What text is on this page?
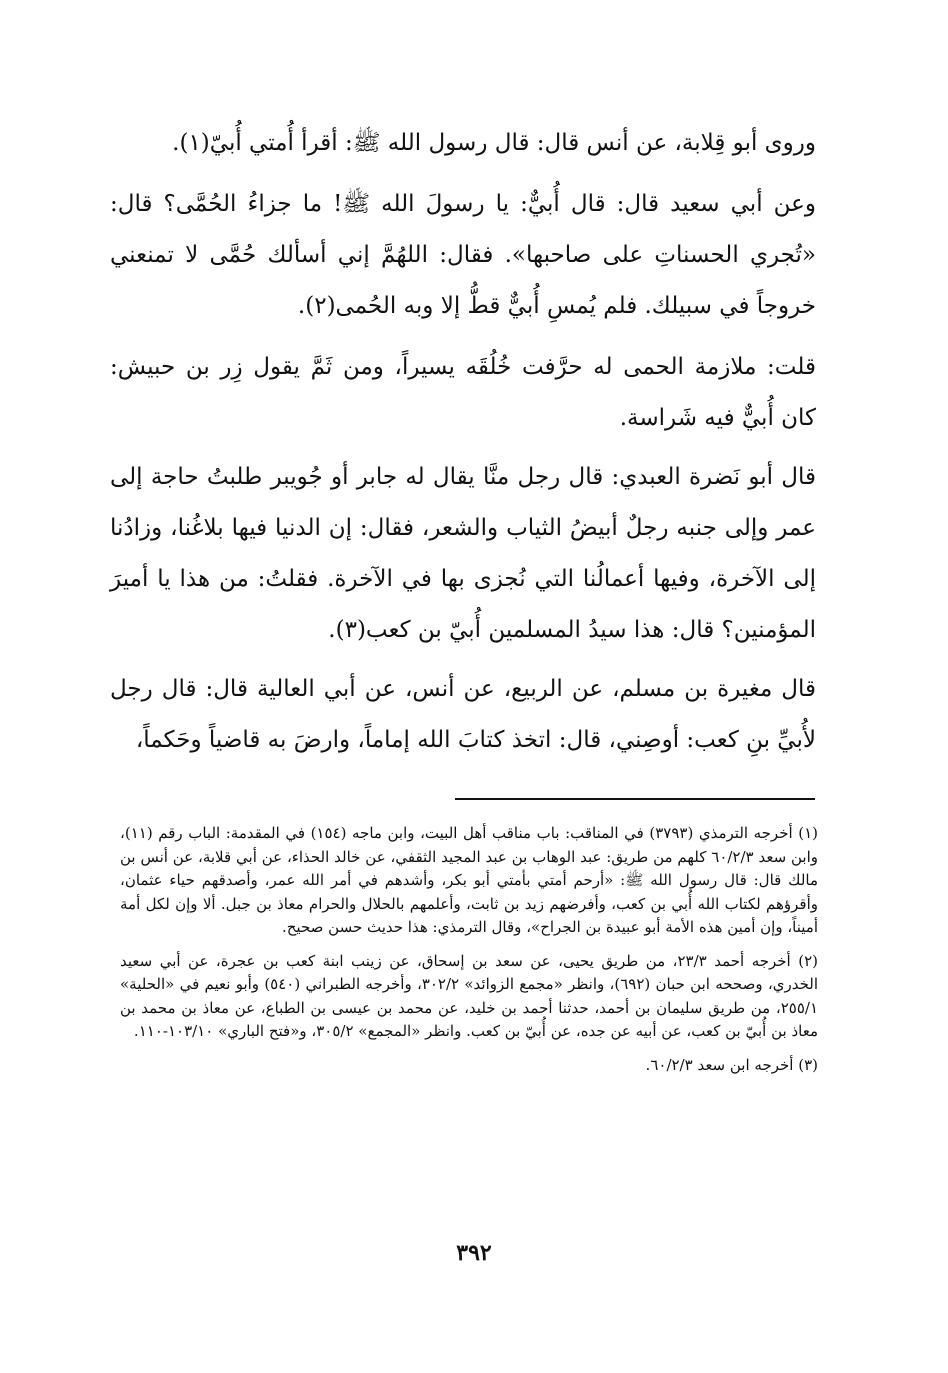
وروى أبو قِلابة، عن أنس قال: قال رسول الله ﷺ: أقرأ أُمتي أُبيّ(١).

وعن أبي سعيد قال: قال أُبيٌّ: يا رسولَ الله ﷺ! ما جزاءُ الحُمَّى؟ قال: «تُجري الحسناتِ على صاحبها». فقال: اللهُمَّ إني أسألك حُمَّى لا تمنعني خروجاً في سبيلك. فلم يُمسِ أُبيٌّ قطُّ إلا وبه الحُمى(٢).

قلت: ملازمة الحمى له حرَّفت خُلُقَه يسيراً، ومن ثَمَّ يقول زِر بن حبيش: كان أُبيٌّ فيه شَراسة.

قال أبو نَضرة العبدي: قال رجل منَّا يقال له جابر أو جُويبر طلبتُ حاجة إلى عمر وإلى جنبه رجلٌ أبيضُ الثياب والشعر، فقال: إن الدنيا فيها بلاغُنا، وزادُنا إلى الآخرة، وفيها أعمالُنا التي نُجزى بها في الآخرة. فقلتُ: من هذا يا أميرَ المؤمنين؟ قال: هذا سيدُ المسلمين أُبيّ بن كعب(٣).

قال مغيرة بن مسلم، عن الربيع، عن أنس، عن أبي العالية قال: قال رجل لأُبيِّ بنِ كعب: أوصِني، قال: اتخذ كتابَ الله إماماً، وارضَ به قاضياً وحَكماً،

(١) أخرجه الترمذي (٣٧٩٣) في المناقب: باب مناقب أهل البيت، وابن ماجه (١٥٤) في المقدمة: الباب رقم (١١)، وابن سعد ٦٠/٢/٣ كلهم من طريق: عبد الوهاب بن عبد المجيد الثقفي، عن خالد الحذاء، عن أبي قلابة، عن أنس بن مالك قال: قال رسول الله ﷺ: «أرحم أمتي بأمتي أبو بكر، وأشدهم في أمر الله عمر، وأصدقهم حياء عثمان، وأقرؤهم لكتاب الله أُبي بن كعب، وأفرضهم زيد بن ثابت، وأعلمهم بالحلال والحرام معاذ بن جبل. ألا وإن لكل أمة أميناً، وإن أمين هذه الأمة أبو عبيدة بن الجراح»، وقال الترمذي: هذا حديث حسن صحيح.

(٢) أخرجه أحمد ٢٣/٣، من طريق يحيى، عن سعد بن إسحاق، عن زينب ابنة كعب بن عجرة، عن أبي سعيد الخدري، وصححه ابن حبان (٦٩٢)، وانظر «مجمع الزوائد» ٣٠٢/٢، وأخرجه الطبراني (٥٤٠) وأبو نعيم في «الحلية» ٢٥٥/١، من طريق سليمان بن أحمد، حدثنا أحمد بن خليد، عن محمد بن عيسى بن الطباع، عن معاذ بن محمد بن معاذ بن أُبيّ بن كعب، عن أبيه عن جده، عن أُبيّ بن كعب. وانظر «المجمع» ٣٠٥/٢، و«فتح الباري» ١٠٣/١٠-١١٠.

(٣) أخرجه ابن سعد ٦٠/٢/٣.

٣٩٢
